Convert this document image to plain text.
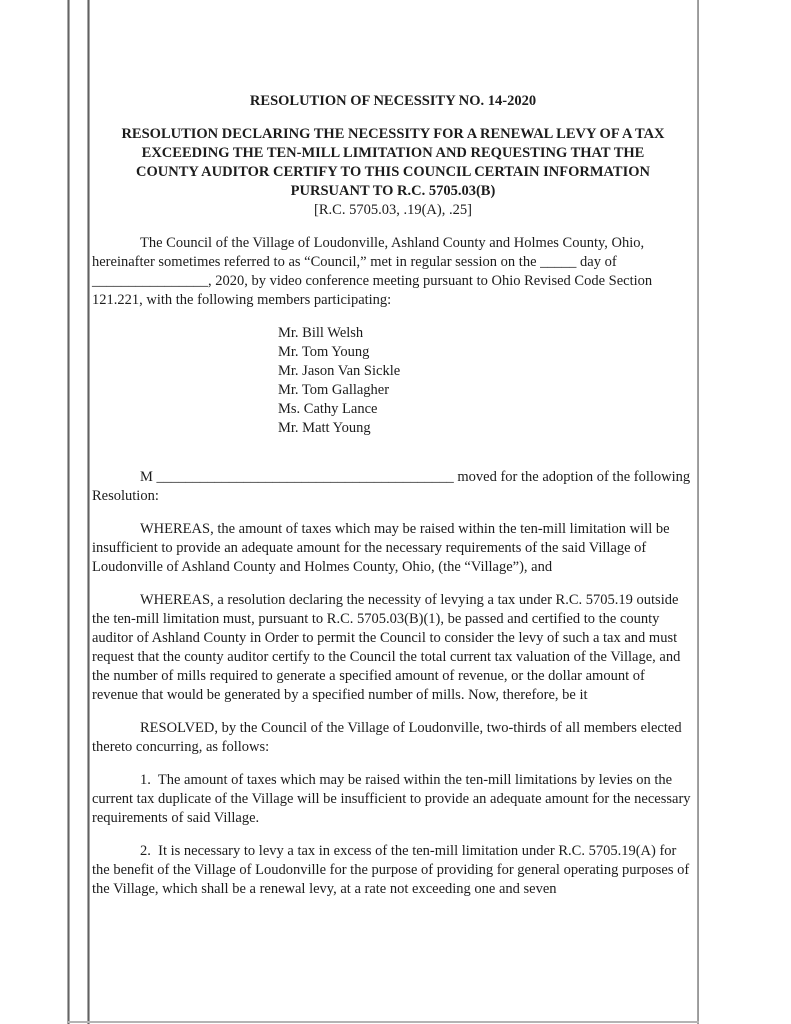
RESOLUTION OF NECESSITY NO. 14-2020
RESOLUTION DECLARING THE NECESSITY FOR A RENEWAL LEVY OF A TAX
EXCEEDING THE TEN-MILL LIMITATION AND REQUESTING THAT THE
COUNTY AUDITOR CERTIFY TO THIS COUNCIL CERTAIN INFORMATION
PURSUANT TO R.C. 5705.03(B)
[R.C. 5705.03, .19(A), .25]
The Council of the Village of Loudonville, Ashland County and Holmes County, Ohio, hereinafter sometimes referred to as “Council,” met in regular session on the _____ day of ________________, 2020, by video conference meeting pursuant to Ohio Revised Code Section 121.221, with the following members participating:
Mr. Bill Welsh
Mr. Tom Young
Mr. Jason Van Sickle
Mr. Tom Gallagher
Ms. Cathy Lance
Mr. Matt Young
M _________________________________________ moved for the adoption of the following Resolution:
WHEREAS, the amount of taxes which may be raised within the ten-mill limitation will be insufficient to provide an adequate amount for the necessary requirements of the said Village of Loudonville of Ashland County and Holmes County, Ohio, (the “Village”), and
WHEREAS, a resolution declaring the necessity of levying a tax under R.C. 5705.19 outside the ten-mill limitation must, pursuant to R.C. 5705.03(B)(1), be passed and certified to the county auditor of Ashland County in Order to permit the Council to consider the levy of such a tax and must request that the county auditor certify to the Council the total current tax valuation of the Village, and the number of mills required to generate a specified amount of revenue, or the dollar amount of revenue that would be generated by a specified number of mills. Now, therefore, be it
RESOLVED, by the Council of the Village of Loudonville, two-thirds of all members elected thereto concurring, as follows:
1.  The amount of taxes which may be raised within the ten-mill limitations by levies on the current tax duplicate of the Village will be insufficient to provide an adequate amount for the necessary requirements of said Village.
2.  It is necessary to levy a tax in excess of the ten-mill limitation under R.C. 5705.19(A) for the benefit of the Village of Loudonville for the purpose of providing for general operating purposes of the Village, which shall be a renewal levy, at a rate not exceeding one and seven
